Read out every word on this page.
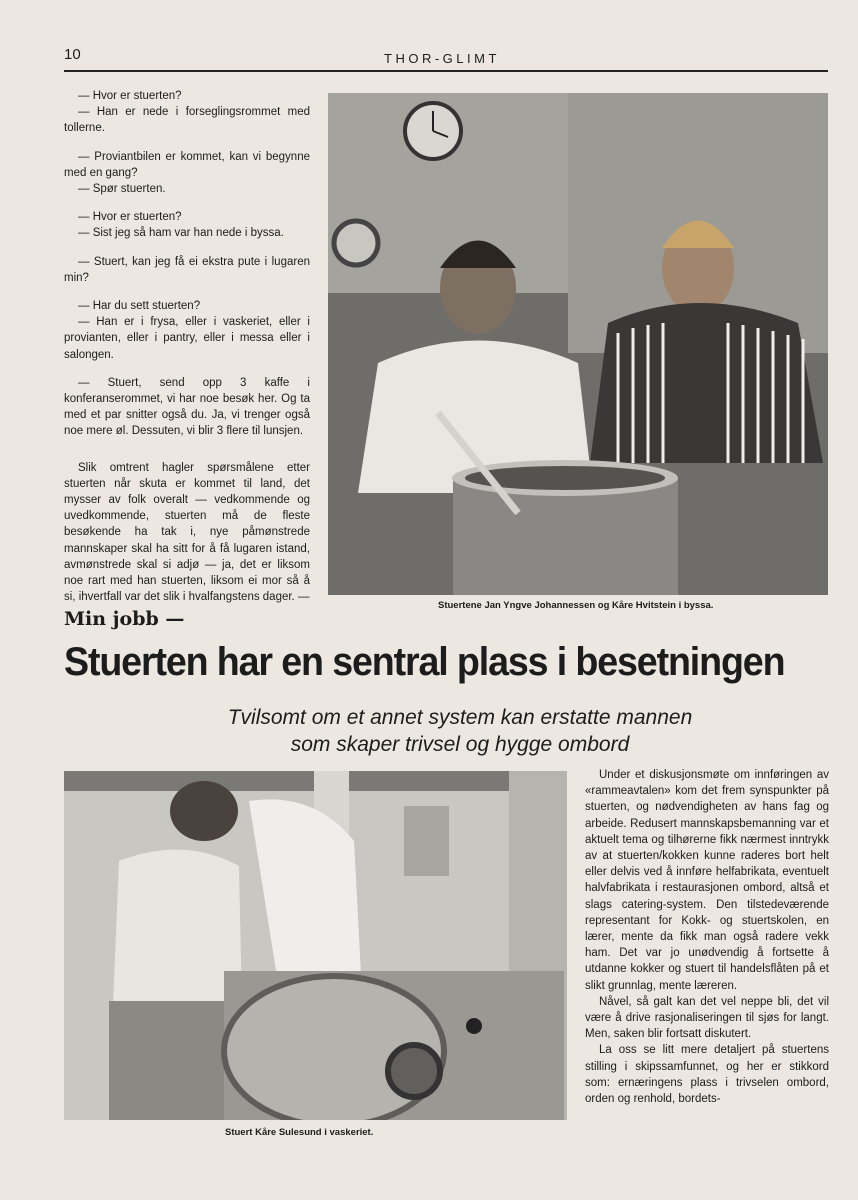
10	THOR-GLIMT

— Hvor er stuerten?

— Han er nede i forseglingsrommet med tollerne.

— Proviantbilen er kommet, kan vi begynne med en gang?

— Spør stuerten.

— Hvor er stuerten?

— Sist jeg så ham var han nede i byssa.

— Stuert, kan jeg få ei ekstra pute i lugaren min?

— Har du sett stuerten?

— Han er i frysa, eller i vaskeriet, eller i provianten, eller i pantry, eller i messa eller i salongen.

— Stuert, send opp 3 kaffe i konferanserommet, vi har noe besøk her. Og ta med et par snitter også du. Ja, vi trenger også noe mere øl. Dessuten, vi blir 3 flere til lunsjen.

Slik omtrent hagler spørsmålene etter stuerten når skuta er kommet til land, det mysser av folk overalt — vedkommende og uvedkommende, stuerten må de fleste besøkende ha tak i, nye påmønstrede mannskaper skal ha sitt for å få lugaren istand, avmønstrede skal si adjø — ja, det er liksom noe rart med han stuerten, liksom ei mor så å si, ihvertfall var det slik i hvalfangstens dager. —

Stuertene Jan Yngve Johannessen og Kåre Hvitstein i byssa.
Min jobb —
Stuerten har en sentral plass i besetningen
Tvilsomt om et annet system kan erstatte mannen
som skaper trivsel og hygge ombord
Stuert Kåre Sulesund i vaskeriet.

Under et diskusjonsmøte om innføringen av «rammeavtalen» kom det frem synspunkter på stuerten, og nødvendigheten av hans fag og arbeide. Redusert mannskapsbemanning var et aktuelt tema og tilhørerne fikk nærmest inntrykk av at stuerten/kokken kunne raderes bort helt eller delvis ved å innføre helfabrikata, eventuelt halvfabrikata i restaurasjonen ombord, altså et slags catering-system. Den tilstedeværende representant for Kokk- og stuertskolen, en lærer, mente da fikk man også radere vekk ham. Det var jo unødvendig å fortsette å utdanne kokker og stuert til handelsflåten på et slikt grunnlag, mente læreren.

Nåvel, så galt kan det vel neppe bli, det vil være å drive rasjonaliseringen til sjøs for langt. Men, saken blir fortsatt diskutert.

La oss se litt mere detaljert på stuertens stilling i skipssamfunnet, og her er stikkord som: ernæringens plass i trivselen ombord, orden og renhold, bordets-
